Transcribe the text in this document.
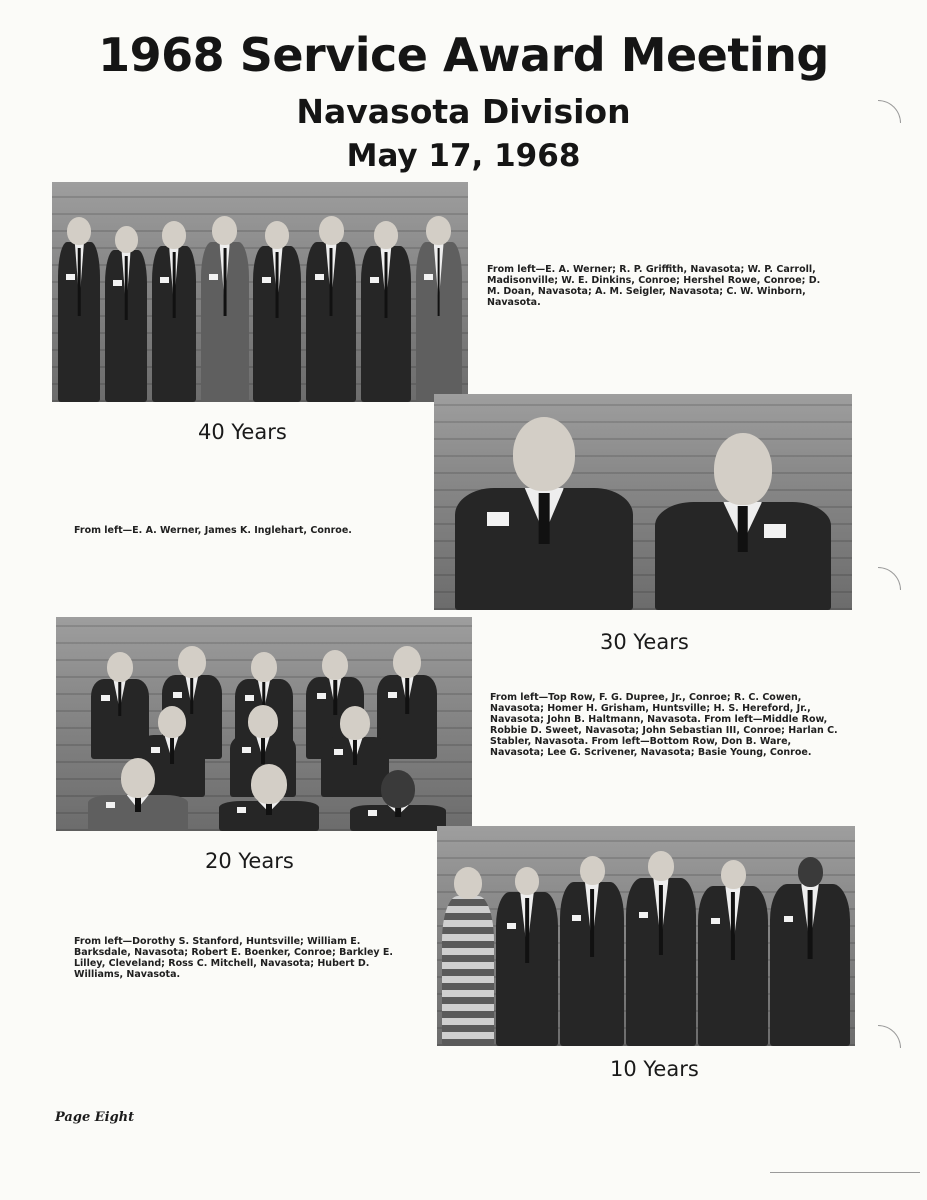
1968 Service Award Meeting
Navasota Division
May 17, 1968

From left—E. A. Werner; R. P. Griffith, Navasota; W. P. Carroll, Madisonville; W. E. Dinkins, Conroe; Hershel Rowe, Conroe; D. M. Doan, Navasota; A. M. Seigler, Navasota; C. W. Winborn, Navasota.

40 Years

From left—E. A. Werner, James K. Inglehart, Conroe.

30 Years

From left—Top Row, F. G. Dupree, Jr., Conroe; R. C. Cowen, Navasota; Homer H. Grisham, Huntsville; H. S. Hereford, Jr., Navasota; John B. Haltmann, Navasota. From left—Middle Row, Robbie D. Sweet, Navasota; John Sebastian III, Conroe; Harlan C. Stabler, Navasota. From left—Bottom Row, Don B. Ware, Navasota; Lee G. Scrivener, Navasota; Basie Young, Conroe.

20 Years

From left—Dorothy S. Stanford, Huntsville; William E. Barksdale, Navasota; Robert E. Boenker, Conroe; Barkley E. Lilley, Cleveland; Ross C. Mitchell, Navasota; Hubert D. Williams, Navasota.

10 Years

Page Eight
